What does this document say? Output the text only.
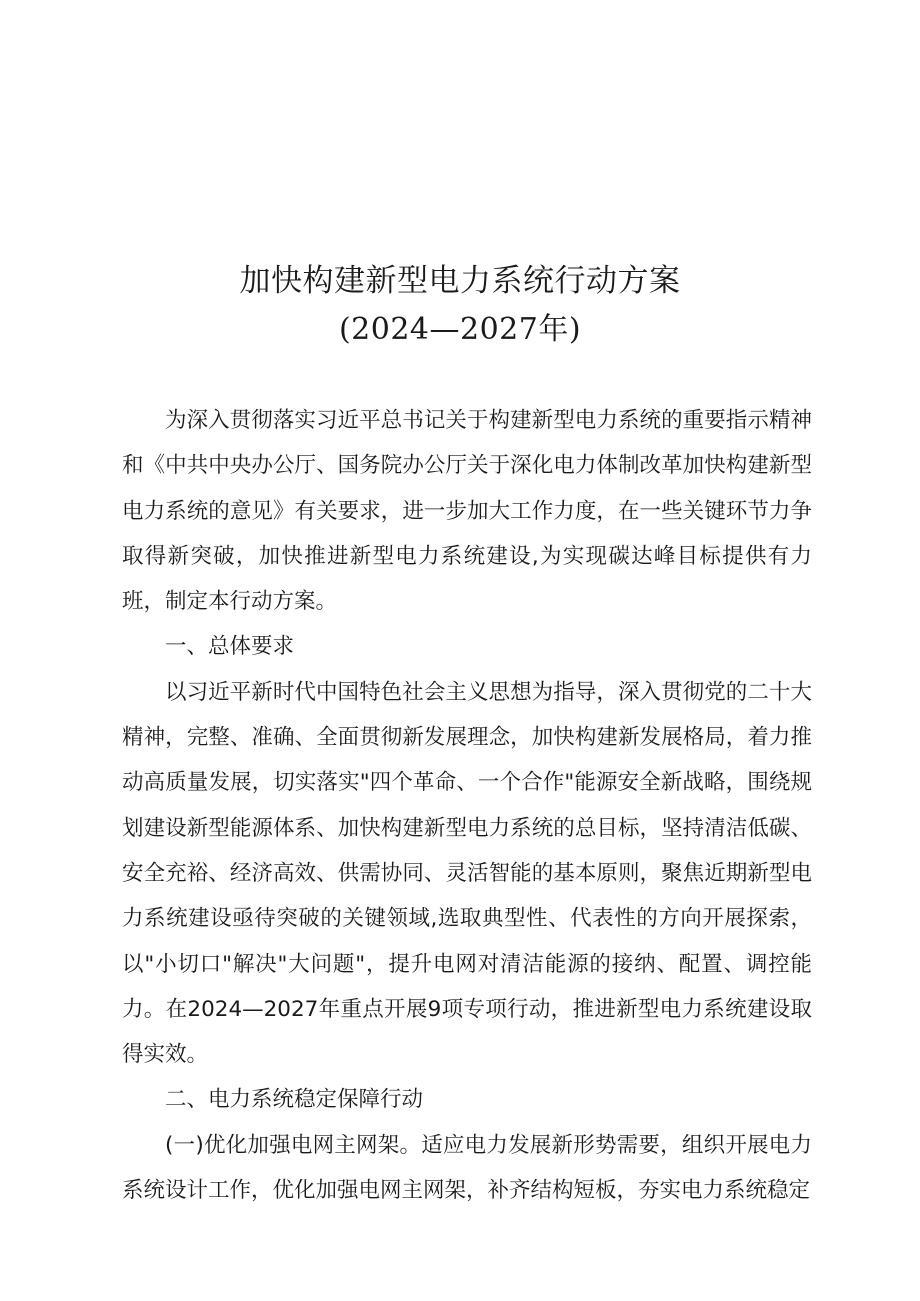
加快构建新型电力系统行动方案
(2024—2027年)

为深入贯彻落实习近平总书记关于构建新型电力系统的重要指示精神和《中共中央办公厅、国务院办公厅关于深化电力体制改革加快构建新型电力系统的意见》有关要求，进一步加大工作力度，在一些关键环节力争取得新突破，加快推进新型电力系统建设,为实现碳达峰目标提供有力班，制定本行动方案。

一、总体要求

以习近平新时代中国特色社会主义思想为指导，深入贯彻党的二十大精神，完整、准确、全面贯彻新发展理念，加快构建新发展格局，着力推动高质量发展，切实落实"四个革命、一个合作"能源安全新战略，围绕规划建设新型能源体系、加快构建新型电力系统的总目标，坚持清洁低碳、安全充裕、经济高效、供需协同、灵活智能的基本原则，聚焦近期新型电力系统建设亟待突破的关键领域,选取典型性、代表性的方向开展探索，以"小切口"解决"大问题"，提升电网对清洁能源的接纳、配置、调控能力。在2024—2027年重点开展9项专项行动，推进新型电力系统建设取得实效。

二、电力系统稳定保障行动

(一)优化加强电网主网架。适应电力发展新形势需要，组织开展电力系统设计工作，优化加强电网主网架，补齐结构短板，夯实电力系统稳定
